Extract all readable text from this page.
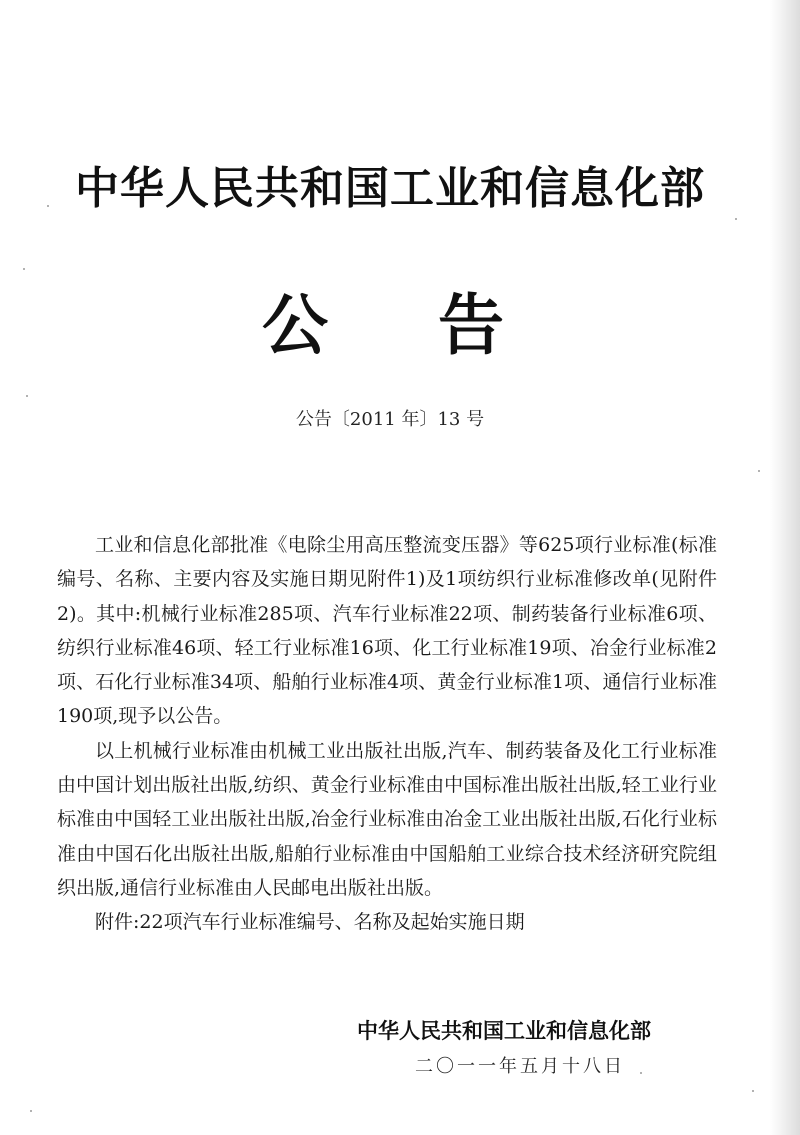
中华人民共和国工业和信息化部
公 告
公告〔2011 年〕13 号

工业和信息化部批准《电除尘用高压整流变压器》等625项行业标准(标准编号、名称、主要内容及实施日期见附件1)及1项纺织行业标准修改单(见附件2)。其中:机械行业标准285项、汽车行业标准22项、制药装备行业标准6项、纺织行业标准46项、轻工行业标准16项、化工行业标准19项、冶金行业标准2项、石化行业标准34项、船舶行业标准4项、黄金行业标准1项、通信行业标准190项,现予以公告。

以上机械行业标准由机械工业出版社出版,汽车、制药装备及化工行业标准由中国计划出版社出版,纺织、黄金行业标准由中国标准出版社出版,轻工业行业标准由中国轻工业出版社出版,冶金行业标准由冶金工业出版社出版,石化行业标准由中国石化出版社出版,船舶行业标准由中国船舶工业综合技术经济研究院组织出版,通信行业标准由人民邮电出版社出版。

附件:22项汽车行业标准编号、名称及起始实施日期

中华人民共和国工业和信息化部
二〇一一年五月十八日
